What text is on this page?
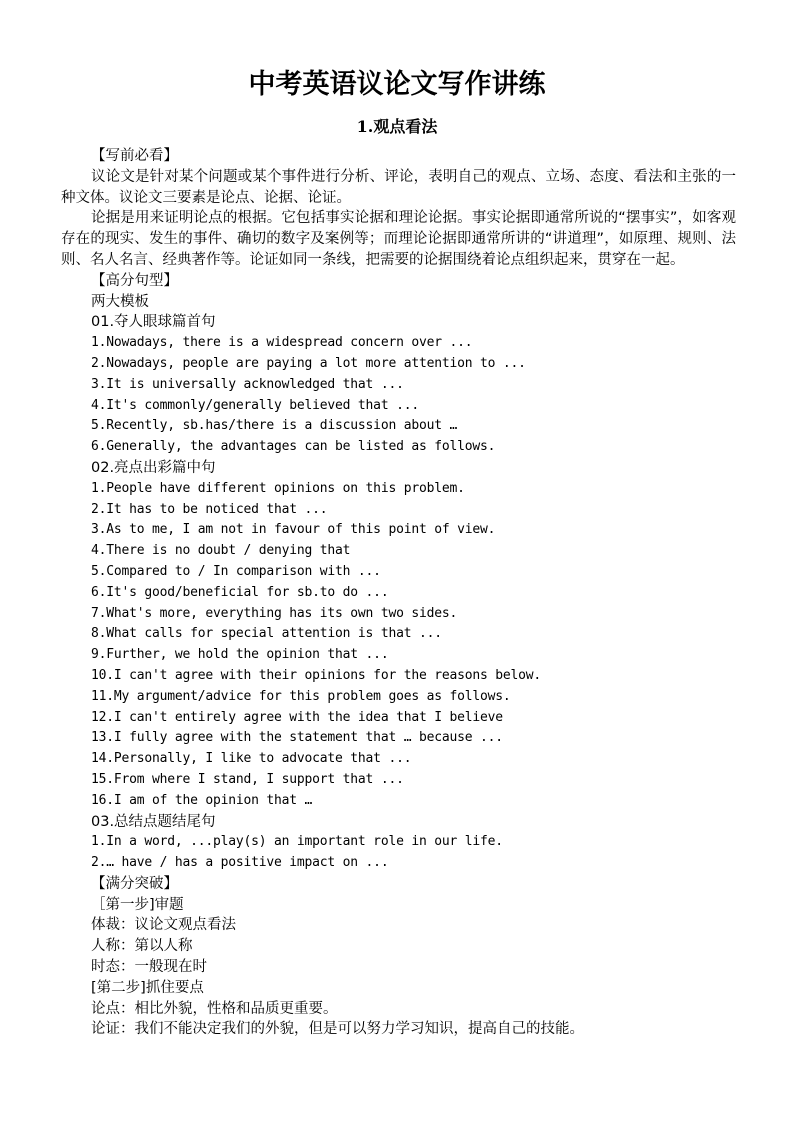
中考英语议论文写作讲练
1.观点看法
【写前必看】
议论文是针对某个问题或某个事件进行分析、评论，表明自己的观点、立场、态度、看法和主张的一种文体。议论文三要素是论点、论据、论证。
论据是用来证明论点的根据。它包括事实论据和理论论据。事实论据即通常所说的“摆事实”，如客观存在的现实、发生的事件、确切的数字及案例等；而理论论据即通常所讲的“讲道理”，如原理、规则、法则、名人名言、经典著作等。论证如同一条线，把需要的论据围绕着论点组织起来，贯穿在一起。
【高分句型】
两大模板
01.夺人眼球篇首句
1.Nowadays, there is a widespread concern over ...
2.Nowadays, people are paying a lot more attention to ...
3.It is universally acknowledged that ...
4.It's commonly/generally believed that ...
5.Recently, sb.has/there is a discussion about …
6.Generally, the advantages can be listed as follows.
02.亮点出彩篇中句
1.People have different opinions on this problem.
2.It has to be noticed that ...
3.As to me, I am not in favour of this point of view.
4.There is no doubt / denying that
5.Compared to / In comparison with ...
6.It's good/beneficial for sb.to do ...
7.What's more, everything has its own two sides.
8.What calls for special attention is that ...
9.Further, we hold the opinion that ...
10.I can't agree with their opinions for the reasons below.
11.My argument/advice for this problem goes as follows.
12.I can't entirely agree with the idea that I believe
13.I fully agree with the statement that … because ...
14.Personally, I like to advocate that ...
15.From where I stand, I support that ...
16.I am of the opinion that …
03.总结点题结尾句
1.In a word, ...play(s) an important role in our life.
2.… have / has a positive impact on ...
【满分突破】
［第一步]审题
体裁：议论文观点看法
人称：第以人称
时态：一般现在时
[第二步]抓住要点
论点：相比外貌，性格和品质更重要。
论证：我们不能决定我们的外貌，但是可以努力学习知识，提高自己的技能。
